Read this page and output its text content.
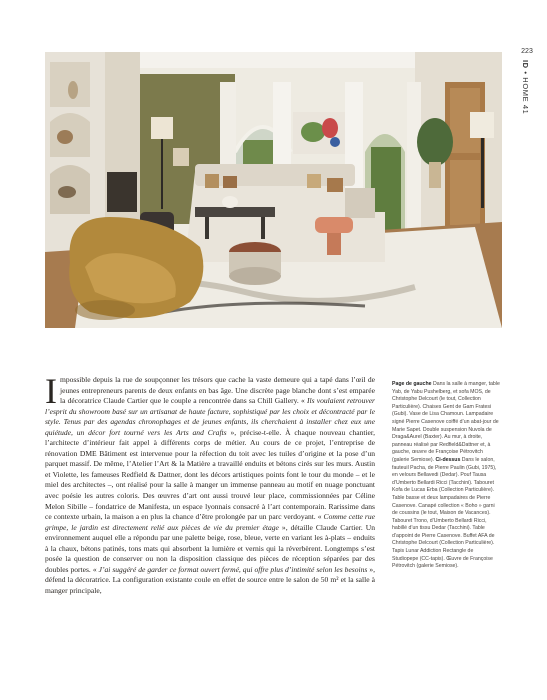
223
ID • HOME 41

Impossible depuis la rue de soupçonner les trésors que cache la vaste demeure qui a tapé dans l’œil de jeunes entrepreneurs parents de deux enfants en bas âge. Une discrète page blanche dont s’est emparée la décoratrice Claude Cartier que le couple a rencontrée dans sa Chill Gallery. « Ils voulaient retrouver l’esprit du showroom basé sur un artisanat de haute facture, sophistiqué par les choix et décontracté par le style. Tenus par des agendas chronophages et de jeunes enfants, ils cherchaient à installer chez eux une quiétude, un décor fort tourné vers les Arts and Crafts », précise-t-elle. À chaque nouveau chantier, l’architecte d’intérieur fait appel à différents corps de métier. Au cours de ce projet, l’entreprise de rénovation DME Bâtiment est intervenue pour la réfection du toit avec les tuiles d’origine et la pose d’un parquet massif. De même, l’Atelier l’Art & la Matière a travaillé enduits et bétons cirés sur les murs. Austin et Violette, les fameuses Redfield & Dattner, dont les décors artistiques points font le tour du monde – et le miel des architectes –, ont réalisé pour la salle à manger un immense panneau au motif en nuage ponctuant avec poésie les autres coloris. Des œuvres d’art ont aussi trouvé leur place, commissionnées par Céline Melon Sibille – fondatrice de Manifesta, un espace lyonnais consacré à l’art contemporain. Rarissime dans ce contexte urbain, la maison a en plus la chance d’être prolongée par un parc verdoyant. « Comme cette rue grimpe, le jardin est directement relié aux pièces de vie du premier étage », détaille Claude Cartier. Un environnement auquel elle a répondu par une palette beige, rose, bleue, verte en variant les à-plats – enduits à la chaux, bétons patinés, tons mats qui absorbent la lumière et vernis qui la réverbèrent. Longtemps s’est posée la question de conserver ou non la disposition classique des pièces de réception séparées par des doubles portes. « J’ai suggéré de garder ce format ouvert fermé, qui offre plus d’intimité selon les besoins », défend la décoratrice. La configuration existante coule en effet de source entre le salon de 50 m² et la salle à manger principale,

Page de gauche Dans la salle à manger, table Yab, de Yabu Pushelberg, et sofa MOS, de Christophe Delcourt (le tout, Collection Particulière). Chaises Gent de Gam Fratesi (Gubi). Vase de Lisa Chamoun. Lampadaire signé Pierre Casenove coiffé d’un abat-jour de Marie Sapet. Double suspension Nuvola de Draga&Aurel (Baxter). Au mur, à droite, panneau réalisé par Redfield&Dattner et, à gauche, œuvre de Françoise Pétrovitch (galerie Semiose). Ci-dessus Dans le salon, fauteuil Pacha, de Pierre Paulin (Gubi, 1975), en velours Bellavedi (Dedar). Pouf Tausa d’Umberto Bellardi Ricci (Tacchini). Tabouret Kofa de Lucas Erba (Collection Particulière). Table basse et deux lampadaires de Pierre Casenove. Canapé collection « Boho » garni de coussins (le tout, Maison de Vacances). Tabouret Trono, d’Umberto Bellardi Ricci, habillé d’un tissu Dedar (Tacchini). Table d’appoint de Pierre Casenove. Buffet AFA de Christophe Delcourt (Collection Particulière). Tapis Lunar Addiction Rectangle de Studiopepe (CC-tapis). Œuvre de Françoise Pétrovitch (galerie Semiose).
